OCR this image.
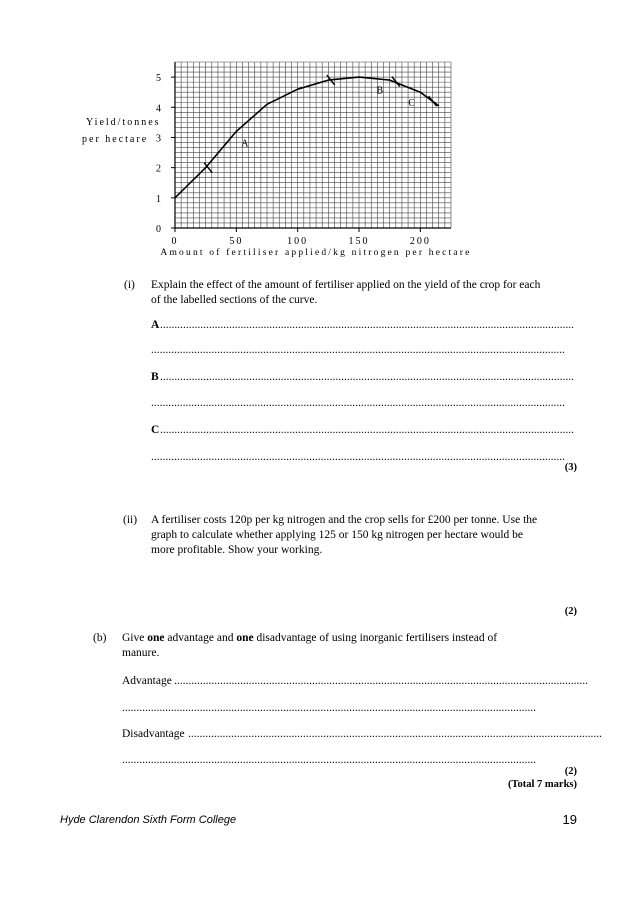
0
1
2
3
4
5
0	50	100	150	200
A
B
C
Yield/tonnes
per hectare
Amount of fertiliser applied/kg nitrogen per hectare
(i) Explain the effect of the amount of fertiliser applied on the yield of the crop for each of the labelled sections of the curve.
A ................................................................................................................................................
................................................................................................................................................
B ................................................................................................................................................
................................................................................................................................................
C ................................................................................................................................................
................................................................................................................................................
(3)
(ii) A fertiliser costs 120p per kg nitrogen and the crop sells for £200 per tonne. Use the graph to calculate whether applying 125 or 150 kg nitrogen per hectare would be more profitable. Show your working.
(2)
(b) Give one advantage and one disadvantage of using inorganic fertilisers instead of manure.
Advantage ................................................................................................................................................
................................................................................................................................................
Disadvantage ................................................................................................................................................
................................................................................................................................................
(2)
(Total 7 marks)
Hyde Clarendon Sixth Form College	19
